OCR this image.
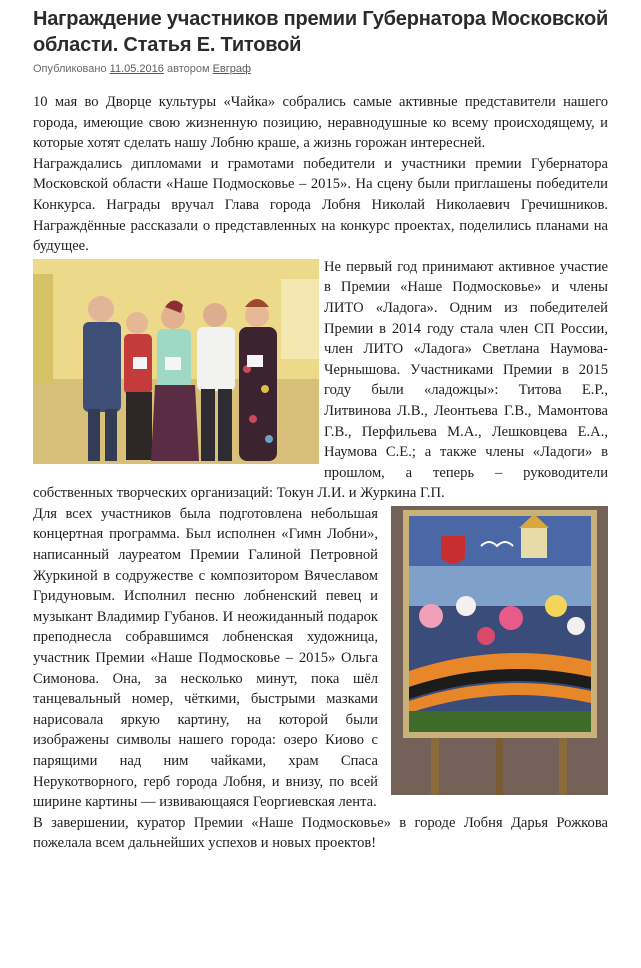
Награждение участников премии Губернатора Московской области. Статья Е. Титовой
Опубликовано 11.05.2016 автором Евграф

10 мая во Дворце культуры «Чайка» собрались самые активные представители нашего города, имеющие свою жизненную позицию, неравнодушные ко всему происходящему, и которые хотят сделать нашу Лобню краше, а жизнь горожан интересней.

Награждались дипломами и грамотами победители и участники премии Губернатора Московской области «Наше Подмосковье – 2015». На сцену были приглашены победители Конкурса. Награды вручал Глава города Лобня Николай Николаевич Гречишников. Награждённые рассказали о представленных на конкурс проектах, поделились планами на будущее.

Не первый год принимают активное участие в Премии «Наше Подмосковье» и члены ЛИТО «Ладога». Одним из победителей Премии в 2014 году стала член СП России, член ЛИТО «Ладога» Светлана Наумова-Чернышова. Участниками Премии в 2015 году были «ладожцы»: Титова Е.Р., Литвинова Л.В., Леонтьева Г.В., Мамонтова Г.В., Перфильева М.А., Лешковцева Е.А., Наумова С.Е.; а также члены «Ладоги» в прошлом, а теперь – руководители собственных творческих организаций: Токун Л.И. и Журкина Г.П.

Для всех участников была подготовлена небольшая концертная программа. Был исполнен «Гимн Лобни», написанный лауреатом Премии Галиной Петровной Журкиной в содружестве с композитором Вячеславом Гридуновым. Исполнил песню лобненский певец и музыкант Владимир Губанов. И неожиданный подарок преподнесла собравшимся лобненская художница, участник Премии «Наше Подмосковье – 2015» Ольга Симонова. Она, за несколько минут, пока шёл танцевальный номер, чёткими, быстрыми мазками нарисовала яркую картину, на которой были изображены символы нашего города: озеро Киово с парящими над ним чайками, храм Спаса Нерукотворного, герб города Лобня, и внизу, по всей ширине картины — извивающаяся Георгиевская лента.

В завершении, куратор Премии «Наше Подмосковье» в городе Лобня Дарья Рожкова пожелала всем дальнейших успехов и новых проектов!
